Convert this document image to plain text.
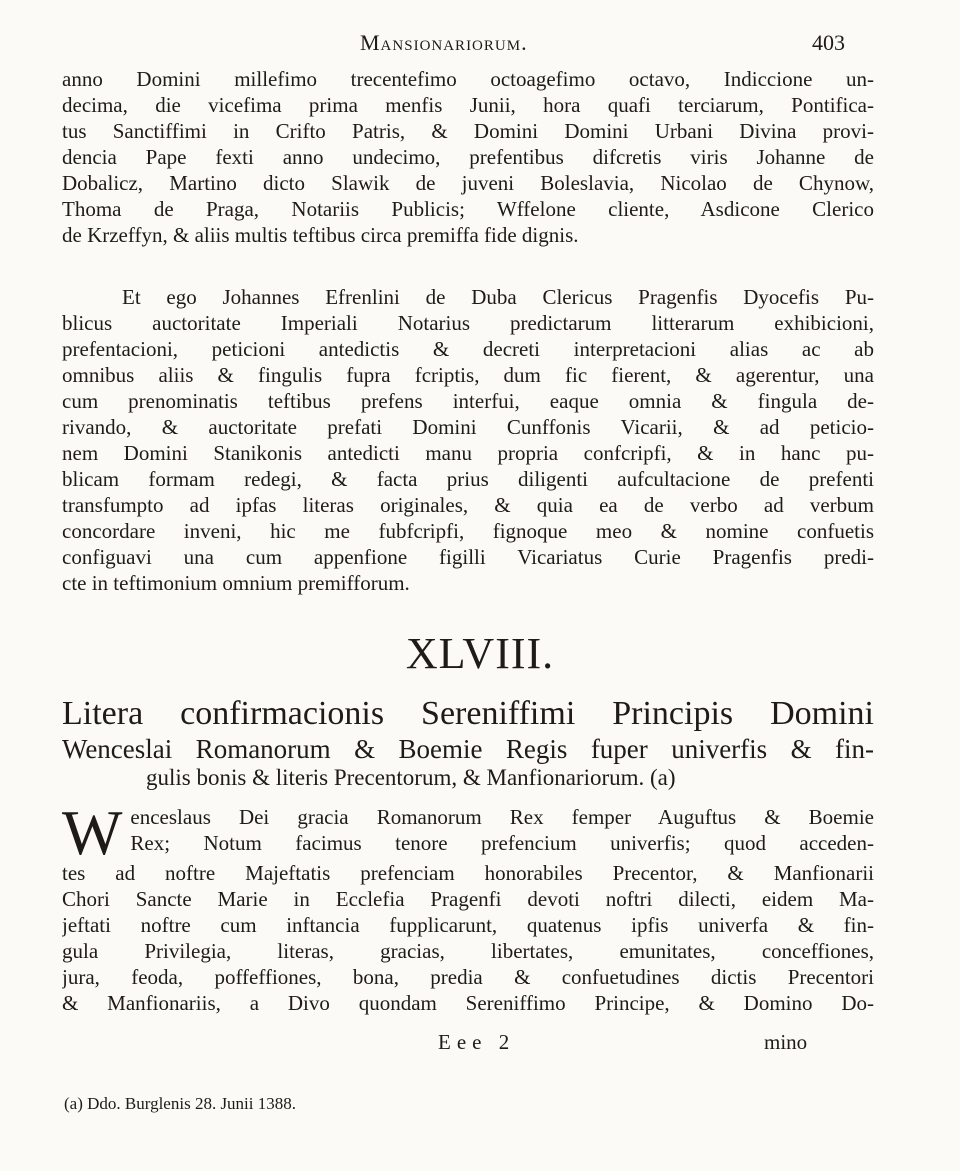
Mansionariorum.	403
anno Domini millefimo trecentefimo octoagefimo octavo, Indiccione un-
decima, die vicefima prima menfis Junii, hora quafi terciarum, Pontifica-
tus Sanctiffimi in Crifto Patris, & Domini Domini Urbani Divina provi-
dencia Pape fexti anno undecimo, prefentibus difcretis viris Johanne de
Dobalicz, Martino dicto Slawik de juveni Boleslavia, Nicolao de Chynow,
Thoma de Praga, Notariis Publicis; Wffelone cliente, Asdicone Clerico
de Krzeffyn, & aliis multis teftibus circa premiffa fide dignis.
Et ego Johannes Efrenlini de Duba Clericus Pragenfis Dyocefis Pu-
blicus auctoritate Imperiali Notarius predictarum litterarum exhibicioni,
prefentacioni, peticioni antedictis & decreti interpretacioni alias ac ab
omnibus aliis & fingulis fupra fcriptis, dum fic fierent, & agerentur, una
cum prenominatis teftibus prefens interfui, eaque omnia & fingula de-
rivando, & auctoritate prefati Domini Cunffonis Vicarii, & ad peticio-
nem Domini Stanikonis antedicti manu propria confcripfi, & in hanc pu-
blicam formam redegi, & facta prius diligenti aufcultacione de prefenti
transfumpto ad ipfas literas originales, & quia ea de verbo ad verbum
concordare inveni, hic me fubfcripfi, fignoque meo & nomine confuetis
configuavi una cum appenfione figilli Vicariatus Curie Pragenfis predi-
cte in teftimonium omnium premifforum.
XLVIII.
Litera confirmacionis Sereniffimi Principis Domini
Wenceslai Romanorum & Boemie Regis fuper univerfis & fin-
gulis bonis & literis Precentorum, & Manfionariorum. (a)
W enceslaus Dei gracia Romanorum Rex femper Auguftus & Boemie
Rex; Notum facimus tenore prefencium univerfis; quod acceden-
tes ad noftre Majeftatis prefenciam honorabiles Precentor, & Manfionarii
Chori Sancte Marie in Ecclefia Pragenfi devoti noftri dilecti, eidem Ma-
jeftati noftre cum inftancia fupplicarunt, quatenus ipfis univerfa & fin-
gula Privilegia, literas, gracias, libertates, emunitates, conceffiones,
jura, feoda, poffeffiones, bona, predia & confuetudines dictis Precentori
& Manfionariis, a Divo quondam Sereniffimo Principe, & Domino Do-
Eee 2	mino
(a) Ddo. Burglenis 28. Junii 1388.
